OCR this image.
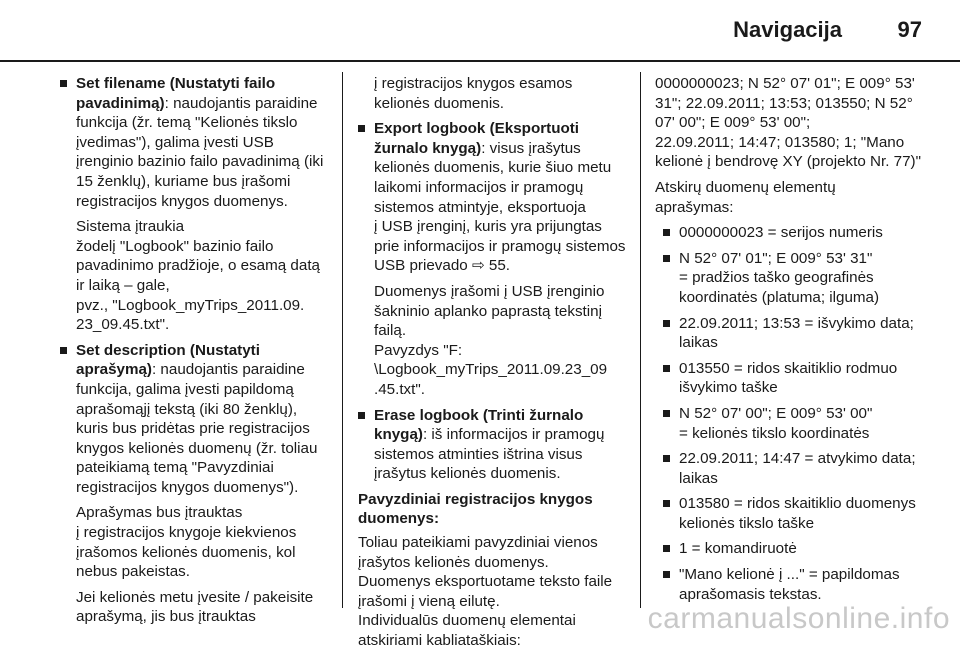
Navigacija	97
Set filename (Nustatyti failo
pavadinimą): naudojantis paraidine funkcija (žr. temą "Kelionės tikslo įvedimas"), galima įvesti USB įrenginio bazinio failo pavadinimą (iki 15 ženklų), kuriame bus įrašomi registracijos knygos duomenys.
Sistema įtraukia
žodelį "Logbook" bazinio failo pavadinimo pradžioje, o esamą datą ir laiką – gale,
pvz., "Logbook_myTrips_2011.09.
23_09.45.txt".
Set description (Nustatyti
aprašymą): naudojantis paraidine funkcija, galima įvesti papildomą aprašomąjį tekstą (iki 80 ženklų), kuris bus pridėtas prie registracijos knygos kelionės duomenų (žr. toliau pateikiamą temą "Pavyzdiniai registracijos knygos duomenys").
Aprašymas bus įtrauktas
į registracijos knygoje kiekvienos įrašomos kelionės duomenis, kol nebus pakeistas.
Jei kelionės metu įvesite / pakeisite aprašymą, jis bus įtrauktas
į registracijos knygos esamos kelionės duomenis.
Export logbook (Eksportuoti
žurnalo knygą): visus įrašytus kelionės duomenis, kurie šiuo metu laikomi informacijos ir pramogų sistemos atmintyje, eksportuoja
į USB įrenginį, kuris yra prijungtas prie informacijos ir pramogų sistemos USB prievado ⇨ 55.
Duomenys įrašomi į USB įrenginio šakninio aplanko paprastą tekstinį failą.
Pavyzdys "F:
\Logbook_myTrips_2011.09.23_09
.45.txt".
Erase logbook (Trinti žurnalo
knygą): iš informacijos ir pramogų sistemos atminties ištrina visus įrašytus kelionės duomenis.
Pavyzdiniai registracijos knygos
duomenys:
Toliau pateikiami pavyzdiniai vienos įrašytos kelionės duomenys.
Duomenys eksportuotame teksto faile įrašomi į vieną eilutę.
Individualūs duomenų elementai atskiriami kabliataškiais:
0000000023; N 52° 07' 01"; E 009° 53' 31"; 22.09.2011; 13:53; 013550; N 52° 07' 00"; E 009° 53' 00";
22.09.2011; 14:47; 013580; 1; "Mano kelionė į bendrovę XY (projekto Nr. 77)"
Atskirų duomenų elementų
aprašymas:
0000000023 = serijos numeris
N 52° 07' 01"; E 009° 53' 31"
= pradžios taško geografinės koordinatės (platuma; ilguma)
22.09.2011; 13:53 = išvykimo data; laikas
013550 = ridos skaitiklio rodmuo išvykimo taške
N 52° 07' 00"; E 009° 53' 00"
= kelionės tikslo koordinatės
22.09.2011; 14:47 = atvykimo data; laikas
013580 = ridos skaitiklio duomenys kelionės tikslo taške
1 = komandiruotė
"Mano kelionė į ..." = papildomas aprašomasis tekstas.
carmanualsonline.info
